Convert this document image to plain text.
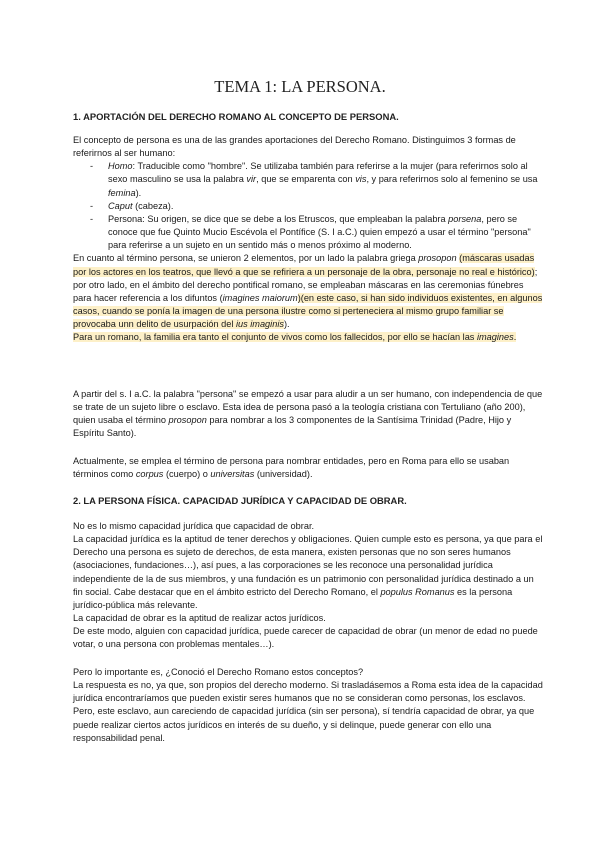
TEMA 1: LA PERSONA.
1. APORTACIÓN DEL DERECHO ROMANO AL CONCEPTO DE PERSONA.

El concepto de persona es una de las grandes aportaciones del Derecho Romano. Distinguimos 3 formas de referirnos al ser humano:

- Homo: Traducible como "hombre". Se utilizaba también para referirse a la mujer (para referirnos solo al sexo masculino se usa la palabra vir, que se emparenta con vis, y para referirnos solo al femenino se usa femina).
- Caput (cabeza).
- Persona: Su origen, se dice que se debe a los Etruscos, que empleaban la palabra porsena, pero se conoce que fue Quinto Mucio Escévola el Pontífice (S. I a.C.) quien empezó a usar el término "persona" para referirse a un sujeto en un sentido más o menos próximo al moderno.

En cuanto al término persona, se unieron 2 elementos, por un lado la palabra griega prosopon (máscaras usadas por los actores en los teatros, que llevó a que se refiriera a un personaje de la obra, personaje no real e histórico); por otro lado, en el ámbito del derecho pontifical romano, se empleaban máscaras en las ceremonias fúnebres para hacer referencia a los difuntos (imagines maiorum)(en este caso, si han sido individuos existentes, en algunos casos, cuando se ponía la imagen de una persona ilustre como si perteneciera al mismo grupo familiar se provocaba unn delito de usurpación del ius imaginis).

Para un romano, la familia era tanto el conjunto de vivos como los fallecidos, por ello se hacían las imagines.

A partir del s. I a.C. la palabra "persona" se empezó a usar para aludir a un ser humano, con independencia de que se trate de un sujeto libre o esclavo. Esta idea de persona pasó a la teología cristiana con Tertuliano (año 200), quien usaba el término prosopon para nombrar a los 3 componentes de la Santísima Trinidad (Padre, Hijo y Espíritu Santo).

Actualmente, se emplea el término de persona para nombrar entidades, pero en Roma para ello se usaban términos como corpus (cuerpo) o universitas (universidad).

2. LA PERSONA FÍSICA. CAPACIDAD JURÍDICA Y CAPACIDAD DE OBRAR.

No es lo mismo capacidad jurídica que capacidad de obrar.

La capacidad jurídica es la aptitud de tener derechos y obligaciones. Quien cumple esto es persona, ya que para el Derecho una persona es sujeto de derechos, de esta manera, existen personas que no son seres humanos (asociaciones, fundaciones…), así pues, a las corporaciones se les reconoce una personalidad jurídica independiente de la de sus miembros, y una fundación es un patrimonio con personalidad jurídica destinado a un fin social. Cabe destacar que en el ámbito estricto del Derecho Romano, el populus Romanus es la persona jurídico-pública más relevante.

La capacidad de obrar es la aptitud de realizar actos jurídicos.

De este modo, alguien con capacidad jurídica, puede carecer de capacidad de obrar (un menor de edad no puede votar, o una persona con problemas mentales…).

Pero lo importante es, ¿Conoció el Derecho Romano estos conceptos?

La respuesta es no, ya que, son propios del derecho moderno. Si trasladásemos a Roma esta idea de la capacidad jurídica encontraríamos que pueden existir seres humanos que no se consideran como personas, los esclavos. Pero, este esclavo, aun careciendo de capacidad jurídica (sin ser persona), sí tendría capacidad de obrar, ya que puede realizar ciertos actos jurídicos en interés de su dueño, y si delinque, puede generar con ello una responsabilidad penal.
